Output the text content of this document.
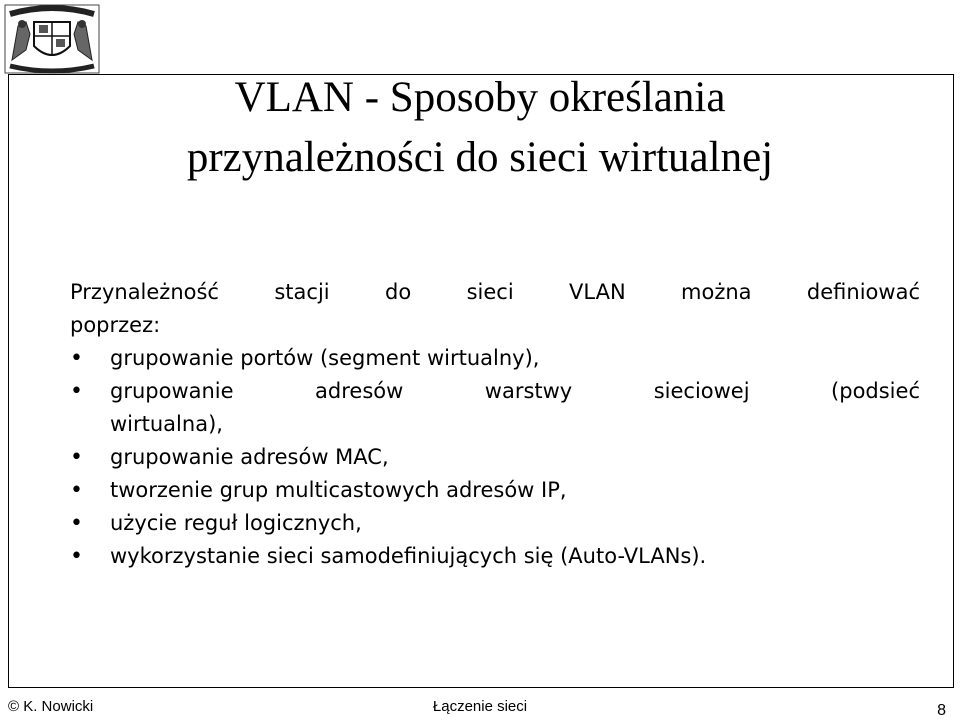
VLAN - Sposoby określania
przynależności do sieci wirtualnej

Przynależność stacji do sieci VLAN można definiować
poprzez:

• grupowanie portów (segment wirtualny),
• grupowanie adresów warstwy sieciowej (podsieć
wirtualna),
• grupowanie adresów MAC,
• tworzenie grup multicastowych adresów IP,
• użycie reguł logicznych,
• wykorzystanie sieci samodefiniujących się (Auto-VLANs).
© K. Nowicki	Łączenie sieci	8
